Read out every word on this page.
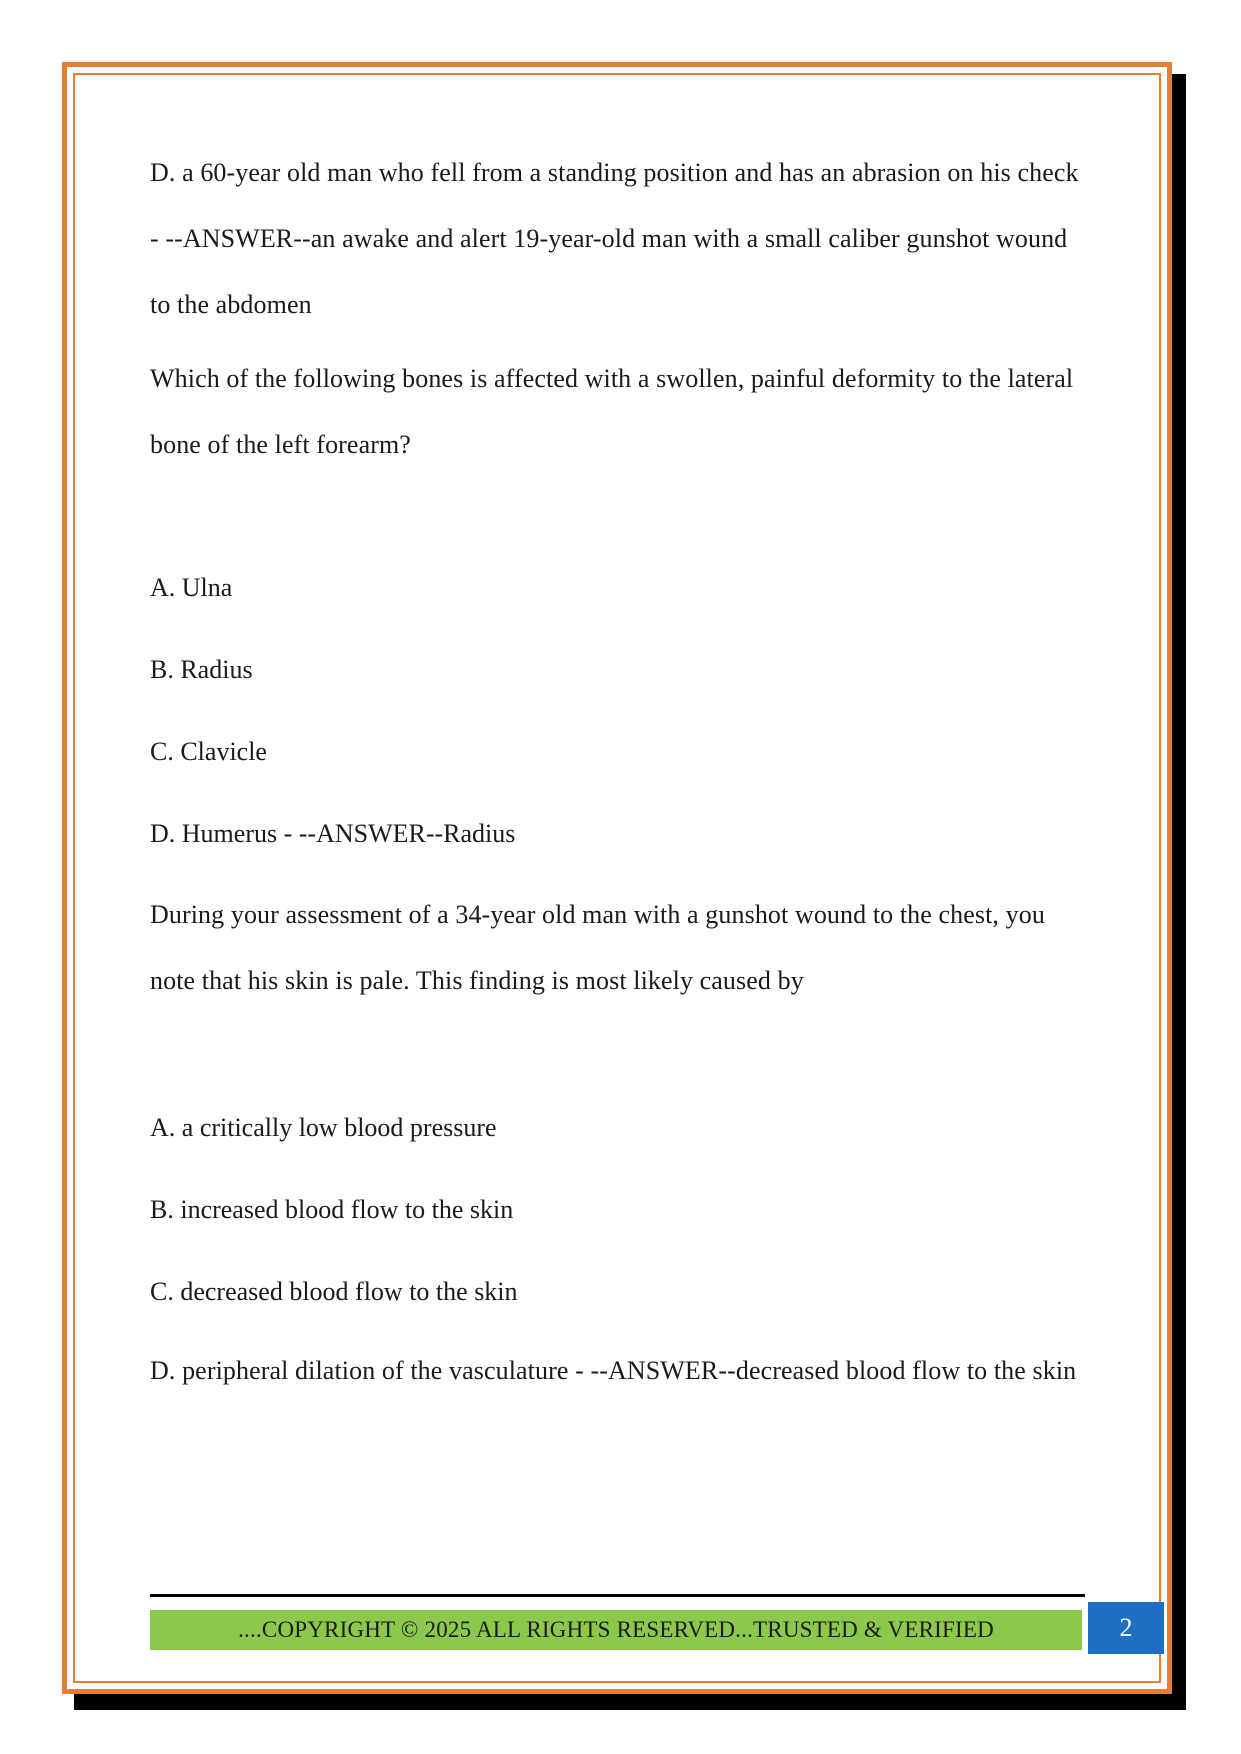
D. a 60-year old man who fell from a standing position and has an abrasion on his check - --ANSWER--an awake and alert 19-year-old man with a small caliber gunshot wound to the abdomen

Which of the following bones is affected with a swollen, painful deformity to the lateral bone of the left forearm?

A. Ulna

B. Radius

C. Clavicle

D. Humerus - --ANSWER--Radius

During your assessment of a 34-year old man with a gunshot wound to the chest, you note that his skin is pale. This finding is most likely caused by

A. a critically low blood pressure

B. increased blood flow to the skin

C. decreased blood flow to the skin

D. peripheral dilation of the vasculature - --ANSWER--decreased blood flow to the skin

....COPYRIGHT © 2025 ALL RIGHTS RESERVED...TRUSTED & VERIFIED	2
